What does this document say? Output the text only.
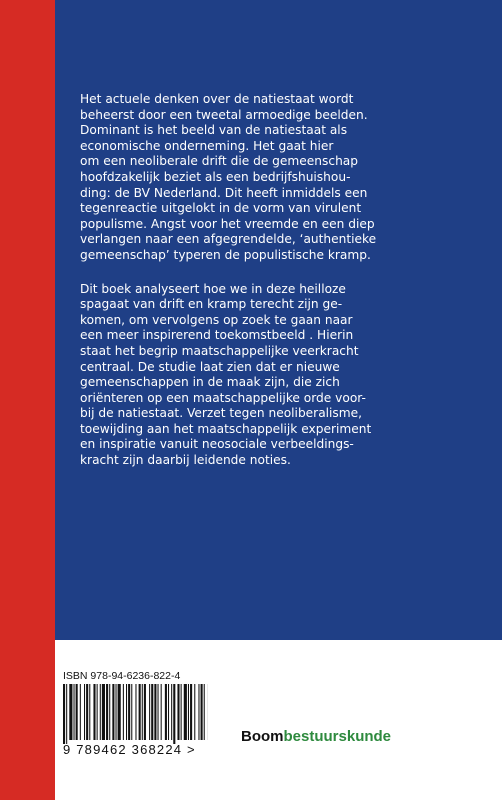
Het actuele denken over de natiestaat wordt
beheerst door een tweetal armoedige beelden.
Dominant is het beeld van de natiestaat als
economische onderneming. Het gaat hier
om een neoliberale drift die de gemeenschap
hoofdzakelijk beziet als een bedrijfshuishou-
ding: de BV Nederland. Dit heeft inmiddels een
tegenreactie uitgelokt in de vorm van virulent
populisme. Angst voor het vreemde en een diep
verlangen naar een afgegrendelde, ‘authentieke
gemeenschap’ typeren de populistische kramp.

Dit boek analyseert hoe we in deze heilloze
spagaat van drift en kramp terecht zijn ge-
komen, om vervolgens op zoek te gaan naar
een meer inspirerend toekomstbeeld . Hierin
staat het begrip maatschappelijke veerkracht
centraal. De studie laat zien dat er nieuwe
gemeenschappen in de maak zijn, die zich
oriënteren op een maatschappelijke orde voor-
bij de natiestaat. Verzet tegen neoliberalisme,
toewijding aan het maatschappelijk experiment
en inspiratie vanuit neosociale verbeeldings-
kracht zijn daarbij leidende noties.

ISBN 978-94-6236-822-4
9 789462 368224 >
Boombestuurskunde
